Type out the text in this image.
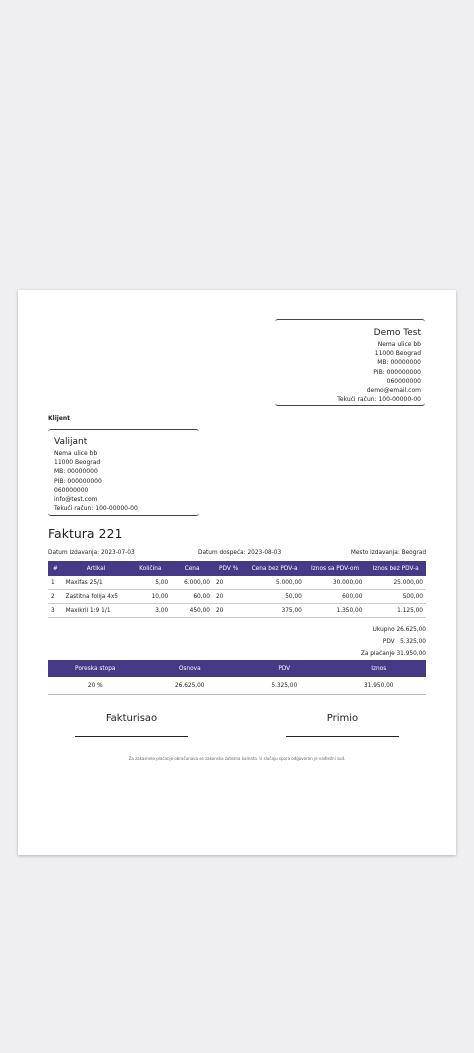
Demo Test
Nema ulice bb
11000 Beograd
MB: 00000000
PIB: 000000000
060000000
demo@email.com
Tekući račun: 100-00000-00
Klijent
Valijant
Nema ulice bb
11000 Beograd
MB: 00000000
PIB: 000000000
060000000
info@test.com
Tekući račun: 100-00000-00
Faktura 221
Datum izdavanja: 2023-07-03	Datum dospeća: 2023-08-03	Mesto izdavanja: Beograd
#	Artikal	Količina	Cena	PDV %	Cena bez PDV-a	Iznos sa PDV-om	Iznos bez PDV-a
1	Maxifas 25/1	5,00	6.000,00	20	5.000,00	30.000,00	25.000,00
2	Zastitna folija 4x5	10,00	60,00	20	50,00	600,00	500,00
3	Maxikril 1:9 1/1	3,00	450,00	20	375,00	1.350,00	1.125,00
Ukupno 26.625,00
PDV   5.325,00
Za plaćanje 31.950,00
Poreska stopa	Osnova	PDV	Iznos
20 %	26.625,00	5.325,00	31.950,00
Fakturisao	Primio
Za zakasnelo plaćanje obračunava se zakonska zatezna kamata. U slučaju spora odgovoran je nadležni sud.
